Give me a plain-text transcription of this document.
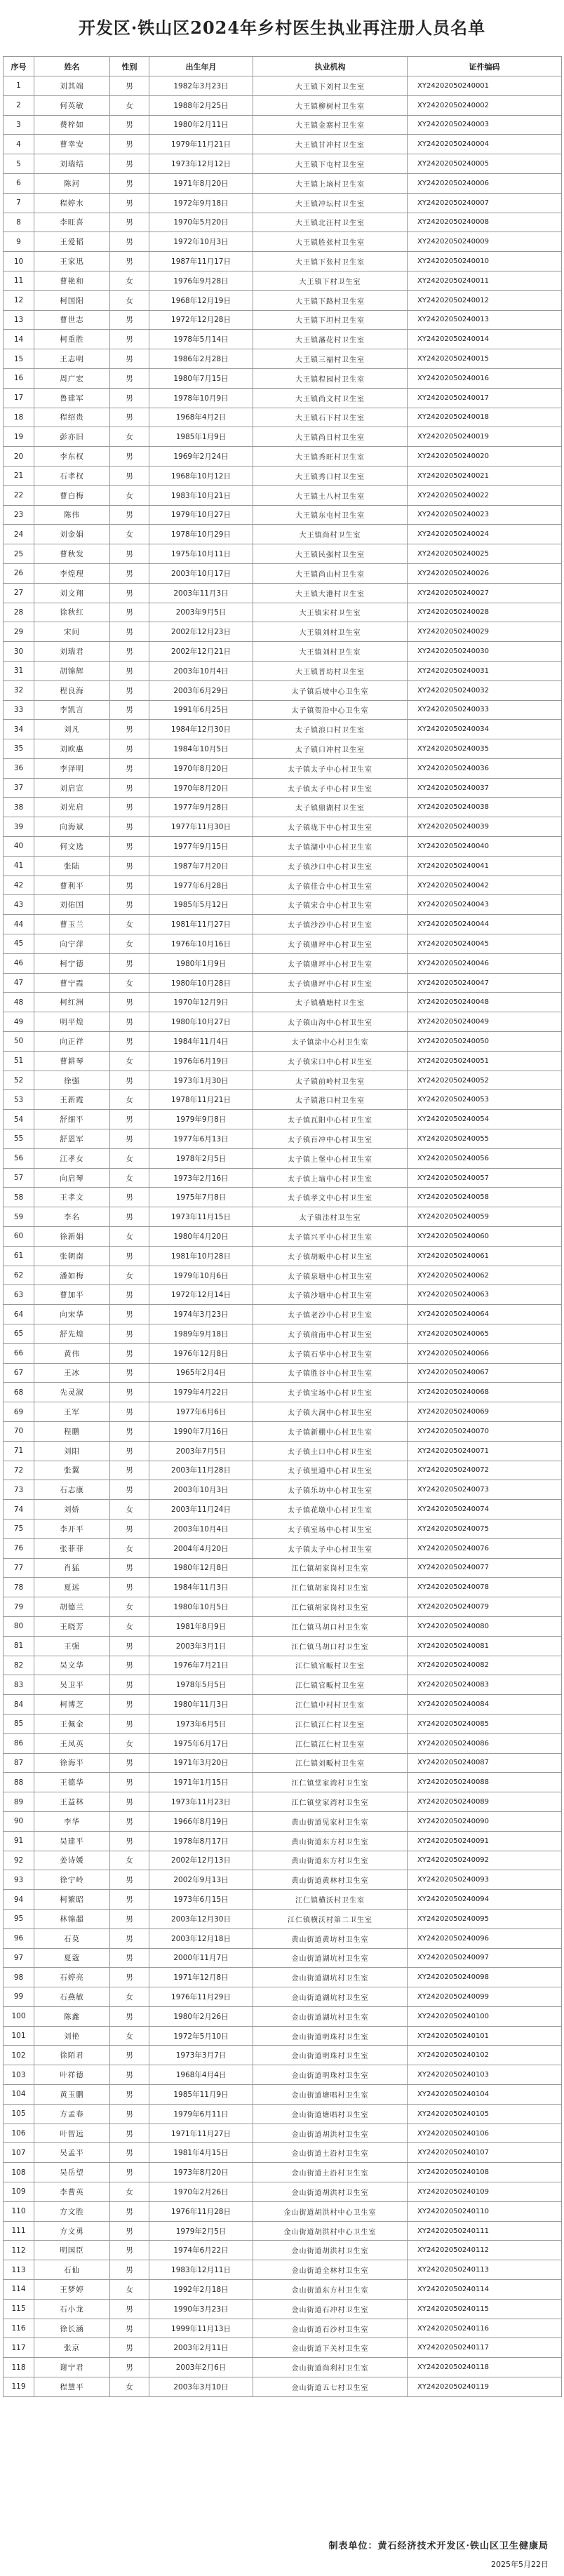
开发区·铁山区2024年乡村医生执业再注册人员名单
序号	姓名	性别	出生年月	执业机构	证件编码
1	刘其端	男	1982年3月23日	大王镇下刘村卫生室	XY24202050240001
2	何英敏	女	1988年2月25日	大王镇柳树村卫生室	XY24202050240002
3	费梓如	男	1980年2月11日	大王镇金寨村卫生室	XY24202050240003
4	曹幸安	男	1979年11月21日	大王镇甘冲村卫生室	XY24202050240004
5	刘瑞结	男	1973年12月12日	大王镇下屯村卫生室	XY24202050240005
6	陈河	男	1971年8月20日	大王镇上垴村卫生室	XY24202050240006
7	程婷水	男	1972年9月18日	大王镇冲坛村卫生室	XY24202050240007
8	李旺喜	男	1970年5月20日	大王镇北汪村卫生室	XY24202050240008
9	王爱韬	男	1972年10月3日	大王镇胜张村卫生室	XY24202050240009
10	王家迅	男	1987年11月17日	大王镇下张村卫生室	XY24202050240010
11	曹艳和	女	1976年9月28日	大王镇下村卫生室	XY24202050240011
12	柯国阳	女	1968年12月19日	大王镇下路村卫生室	XY24202050240012
13	曹世志	男	1972年12月28日	大王镇下坦村卫生室	XY24202050240013
14	柯重胜	男	1978年5月14日	大王镇藩花村卫生室	XY24202050240014
15	王志明	男	1986年2月28日	大王镇三福村卫生室	XY24202050240015
16	周广宏	男	1980年7月15日	大王镇程园村卫生室	XY24202050240016
17	鲁建军	男	1978年10月9日	大王镇尚文村卫生室	XY24202050240017
18	程绍贵	男	1968年4月2日	大王镇石下村卫生室	XY24202050240018
19	彭亦旧	女	1985年1月9日	大王镇尚日村卫生室	XY24202050240019
20	李东权	男	1969年2月24日	大王镇秀旺村卫生室	XY24202050240020
21	石孝权	男	1968年10月12日	大王镇秀口村卫生室	XY24202050240021
22	曹白梅	女	1983年10月21日	大王镇土八村卫生室	XY24202050240022
23	陈伟	男	1979年10月27日	大王镇东屯村卫生室	XY24202050240023
24	刘金娟	女	1978年10月29日	大王镇尚村卫生室	XY24202050240024
25	曹秋发	男	1975年10月11日	大王镇民强村卫生室	XY24202050240025
26	李煌理	男	2003年10月17日	大王镇尚山村卫生室	XY24202050240026
27	刘文翔	男	2003年11月3日	大王镇大港村卫生室	XY24202050240027
28	徐秋红	男	2003年9月5日	大王镇宋村卫生室	XY24202050240028
29	宋问	男	2002年12月23日	大王镇刘村卫生室	XY24202050240029
30	刘瑞君	男	2002年12月21日	大王镇刘村卫生室	XY24202050240030
31	胡锦辉	男	2003年10月4日	大王镇普坊村卫生室	XY24202050240031
32	程良海	男	2003年6月29日	太子镇后坡中心卫生室	XY24202050240032
33	李凯言	男	1991年6月25日	太子镇贺沿中心卫生室	XY24202050240033
34	刘凡	男	1984年12月30日	太子镇浪口村卫生室	XY24202050240034
35	刘欧惠	男	1984年10月5日	太子镇口冲村卫生室	XY24202050240035
36	李泽明	男	1970年8月20日	太子镇太子中心村卫生室	XY24202050240036
37	刘启宣	男	1970年8月20日	太子镇太子中心村卫生室	XY24202050240037
38	刘光启	男	1977年9月28日	太子镇鼎湖村卫生室	XY24202050240038
39	向海斌	男	1977年11月30日	太子镇垅下中心村卫生室	XY24202050240039
40	何文选	男	1977年9月15日	太子镇湖中中心村卫生室	XY24202050240040
41	张陆	男	1987年7月20日	太子镇沙口中心村卫生室	XY24202050240041
42	曹利平	男	1977年6月28日	太子镇佳合中心村卫生室	XY24202050240042
43	刘佑国	男	1985年5月12日	太子镇宋合中心村卫生室	XY24202050240043
44	曹玉兰	女	1981年11月27日	太子镇沙沙中心村卫生室	XY24202050240044
45	向宁萍	女	1976年10月16日	太子镇鼎坪中心村卫生室	XY24202050240045
46	柯宁德	男	1980年1月9日	太子镇鼎坪中心村卫生室	XY24202050240046
47	曹宁霞	女	1980年10月28日	太子镇鼎坪中心村卫生室	XY24202050240047
48	柯红洲	男	1970年12月9日	太子镇横塘村卫生室	XY24202050240048
49	明平煌	男	1980年10月27日	太子镇山沟中心村卫生室	XY24202050240049
50	向正祥	男	1984年11月4日	太子镇涂中心村卫生室	XY24202050240050
51	曹耕琴	女	1976年6月19日	太子镇宋口中心村卫生室	XY24202050240051
52	徐强	男	1973年1月30日	太子镇前岭村卫生室	XY24202050240052
53	王新霞	女	1978年11月21日	太子镇港口村卫生室	XY24202050240053
54	舒细平	男	1979年9月8日	太子镇瓦阳中心村卫生室	XY24202050240054
55	舒恩军	男	1977年6月13日	太子镇百冲中心村卫生室	XY24202050240055
56	江孝女	女	1978年2月5日	太子镇上堡中心村卫生室	XY24202050240056
57	向启琴	女	1973年2月16日	太子镇上垴中心村卫生室	XY24202050240057
58	王孝文	男	1975年7月8日	太子镇孝文中心村卫生室	XY24202050240058
59	李名	男	1973年11月15日	太子镇洼村卫生室	XY24202050240059
60	徐新娟	女	1980年4月20日	太子镇兴平中心村卫生室	XY24202050240060
61	张朝南	男	1981年10月28日	太子镇胡畈中心村卫生室	XY24202050240061
62	潘如梅	女	1979年10月6日	太子镇泉塘中心村卫生室	XY24202050240062
63	曹加平	男	1972年12月14日	太子镇沙塘中心村卫生室	XY24202050240063
64	向宋华	男	1974年3月23日	太子镇老沙中心村卫生室	XY24202050240064
65	舒先煌	男	1989年9月18日	太子镇前南中心村卫生室	XY24202050240065
66	黄伟	男	1976年12月8日	太子镇石华中心村卫生室	XY24202050240066
67	王冰	男	1965年2月4日	太子镇胜谷中心村卫生室	XY24202050240067
68	先灵淑	男	1979年4月22日	太子镇宝场中心村卫生室	XY24202050240068
69	王军	男	1977年6月6日	太子镇大涧中心村卫生室	XY24202050240069
70	程鹏	男	1990年7月16日	太子镇新棚中心村卫生室	XY24202050240070
71	刘阳	男	2003年7月5日	太子镇土口中心村卫生室	XY24202050240071
72	张翼	男	2003年11月28日	太子镇里通中心村卫生室	XY24202050240072
73	石志康	男	2003年10月3日	太子镇乐坊中心村卫生室	XY24202050240073
74	刘娇	女	2003年11月24日	太子镇花墩中心村卫生室	XY24202050240074
75	李开平	男	2003年10月4日	太子镇室场中心村卫生室	XY24202050240075
76	张菲菲	女	2004年4月20日	太子镇太子中心村卫生室	XY24202050240076
77	肖猛	男	1980年12月8日	江仁镇胡家岗村卫生室	XY24202050240077
78	夏远	男	1984年11月3日	江仁镇胡家岗村卫生室	XY24202050240078
79	胡德兰	女	1980年10月5日	江仁镇胡家岗村卫生室	XY24202050240079
80	王晓芳	女	1981年8月9日	江仁镇马胡口村卫生室	XY24202050240080
81	王强	男	2003年3月1日	江仁镇马胡口村卫生室	XY24202050240081
82	吴文华	男	1976年7月21日	江仁镇官畈村卫生室	XY24202050240082
83	吴卫平	男	1978年5月5日	江仁镇官畈村卫生室	XY24202050240083
84	柯博芝	男	1980年11月3日	江仁镇中村村卫生室	XY24202050240084
85	王佩金	男	1973年6月5日	江仁镇江仁村卫生室	XY24202050240085
86	王凤英	女	1975年6月17日	江仁镇江仁村卫生室	XY24202050240086
87	徐海平	男	1971年3月20日	江仁镇刘畈村卫生室	XY24202050240087
88	王德华	男	1971年1月15日	江仁镇堂家湾村卫生室	XY24202050240088
89	王益林	男	1973年11月23日	江仁镇堂家湾村卫生室	XY24202050240089
90	李华	男	1966年8月19日	黄山街道见家村卫生室	XY24202050240090
91	吴建平	男	1978年8月17日	黄山街道东方村卫生室	XY24202050240091
92	姜诗媛	女	2002年12月13日	黄山街道东方村卫生室	XY24202050240092
93	徐宁岭	男	2002年9月13日	黄山街道黄林村卫生室	XY24202050240093
94	柯繁昭	男	1973年6月15日	江仁镇横沃村卫生室	XY24202050240094
95	林锦超	男	2003年12月30日	江仁镇横沃村第二卫生室	XY24202050240095
96	石莫	男	2003年12月18日	黄山街道黄坊村卫生室	XY24202050240096
97	夏蔻	男	2000年11月7日	金山街道湖坑村卫生室	XY24202050240097
98	石婷亮	男	1971年12月8日	金山街道湖坑村卫生室	XY24202050240098
99	石燕敏	女	1976年11月29日	金山街道湖坑村卫生室	XY24202050240099
100	陈鑫	男	1980年2月26日	金山街道湖坑村卫生室	XY24202050240100
101	刘艳	女	1972年5月10日	金山街道明珠村卫生室	XY24202050240101
102	徐陌君	男	1973年3月7日	金山街道明珠村卫生室	XY24202050240102
103	叶祥德	男	1968年4月4日	金山街道明珠村卫生室	XY24202050240103
104	黄玉鹏	男	1985年11月9日	金山街道塘唱村卫生室	XY24202050240104
105	方孟春	男	1979年6月11日	金山街道塘唱村卫生室	XY24202050240105
106	叶智远	男	1971年11月27日	金山街道胡洪村卫生室	XY24202050240106
107	吴孟平	男	1981年4月15日	金山街道土沿村卫生室	XY24202050240107
108	吴岳望	男	1973年8月20日	金山街道土沿村卫生室	XY24202050240108
109	李曹英	女	1970年2月26日	金山街道胡洪村卫生室	XY24202050240109
110	方文胜	男	1976年11月28日	金山街道胡洪村中心卫生室	XY24202050240110
111	方文勇	男	1979年2月5日	金山街道胡洪村中心卫生室	XY24202050240111
112	明国臣	男	1974年6月22日	金山街道胡洪村卫生室	XY24202050240112
113	石仙	男	1983年12月11日	金山街道全林村卫生室	XY24202050240113
114	王梦婷	女	1992年2月18日	金山街道东方村卫生室	XY24202050240114
115	石小龙	男	1990年3月23日	金山街道石冲村卫生室	XY24202050240115
116	徐长涵	男	1999年11月13日	金山街道石沙村卫生室	XY24202050240116
117	张京	男	2003年2月11日	金山街道下关村卫生室	XY24202050240117
118	谢宁君	男	2003年2月6日	金山街道尚利村卫生室	XY24202050240118
119	程慧平	女	2003年3月10日	金山街道五七村卫生室	XY24202050240119
制表单位：黄石经济技术开发区·铁山区卫生健康局
2025年5月22日
